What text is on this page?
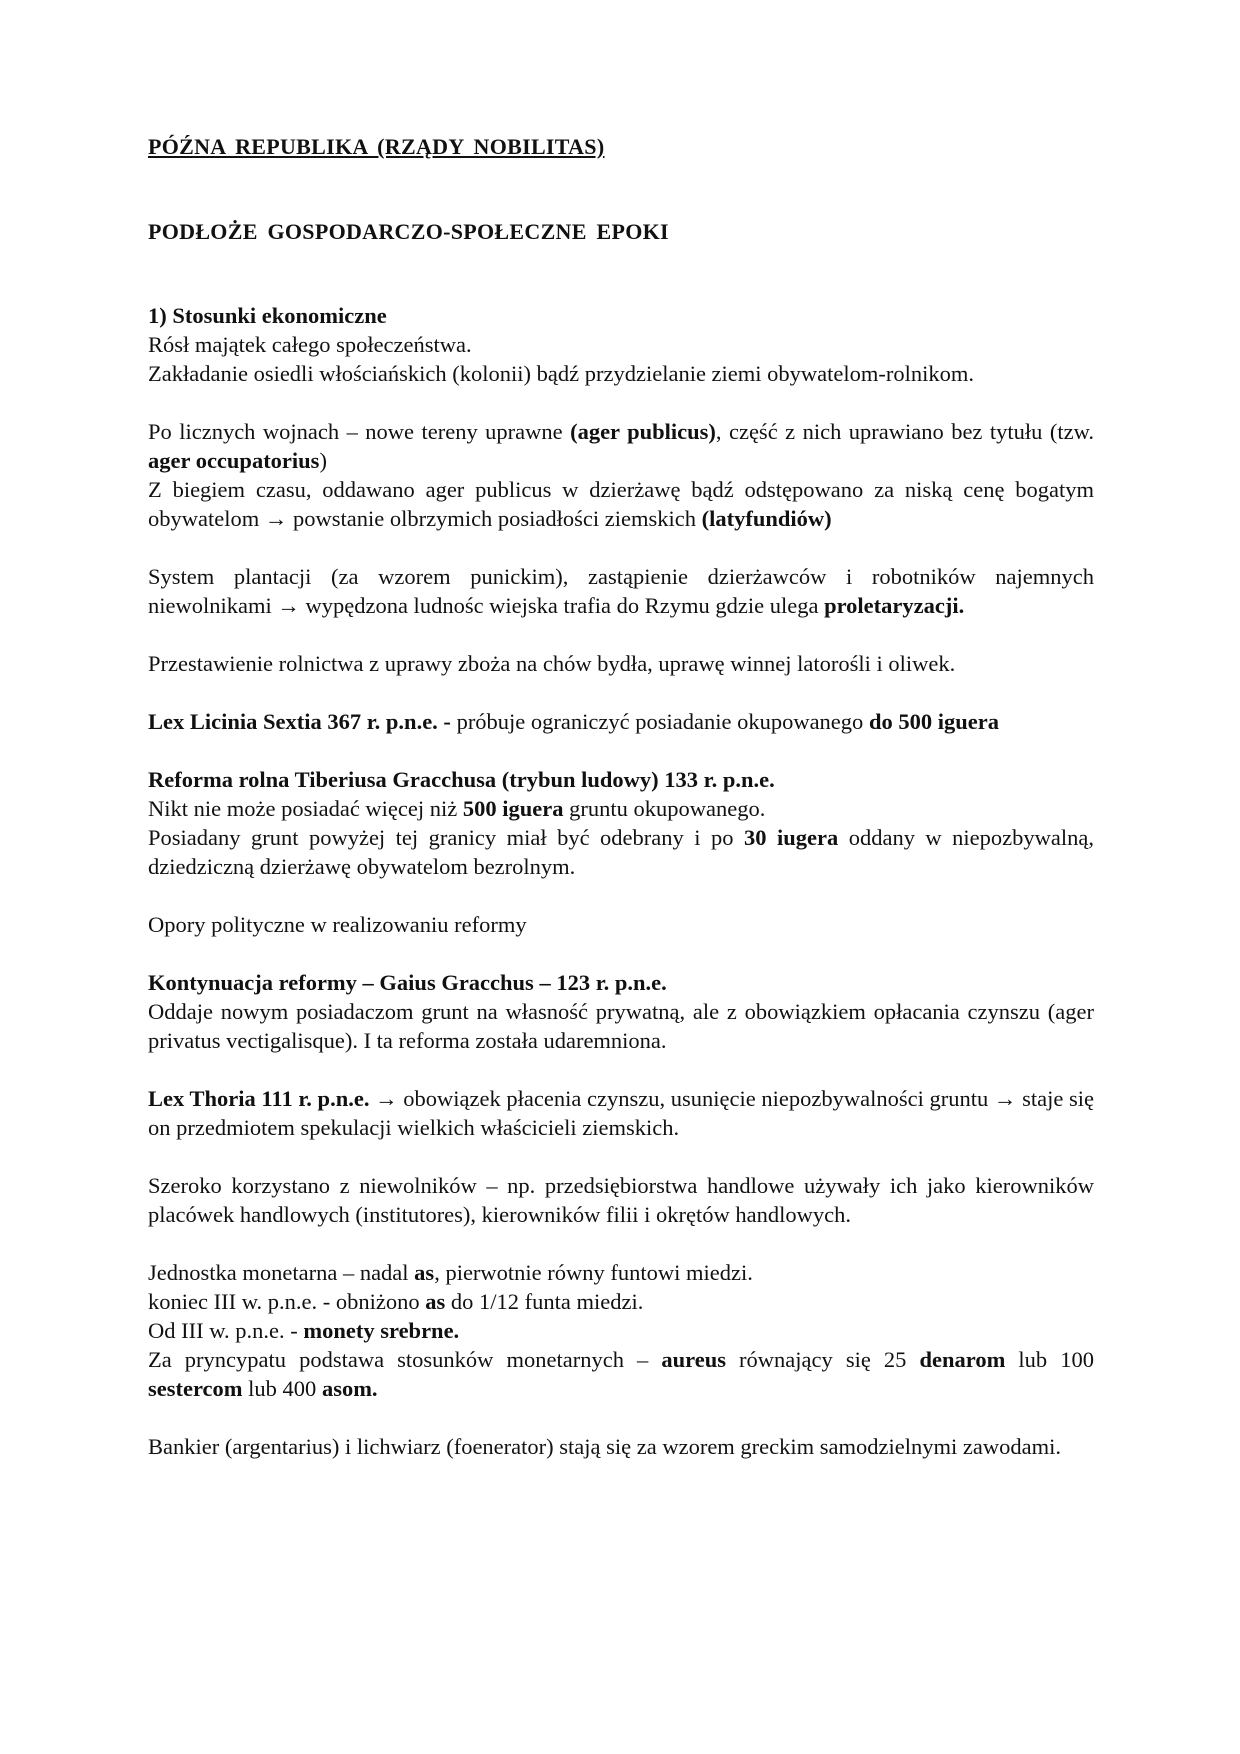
PÓŹNA REPUBLIKA (RZĄDY NOBILITAS)
PODŁOŻE GOSPODARCZO-SPOŁECZNE EPOKI
1) Stosunki ekonomiczne

Rósł majątek całego społeczeństwa.

Zakładanie osiedli włościańskich (kolonii) bądź przydzielanie ziemi obywatelom-rolnikom.

Po licznych wojnach – nowe tereny uprawne (ager publicus), część z nich uprawiano bez tytułu (tzw. ager occupatorius)

Z biegiem czasu, oddawano ager publicus w dzierżawę bądź odstępowano za niską cenę bogatym obywatelom → powstanie olbrzymich posiadłości ziemskich (latyfundiów)

System plantacji (za wzorem punickim), zastąpienie dzierżawców i robotników najemnych niewolnikami → wypędzona ludnośc wiejska trafia do Rzymu gdzie ulega proletaryzacji.

Przestawienie rolnictwa z uprawy zboża na chów bydła, uprawę winnej latorośli i oliwek.

Lex Licinia Sextia 367 r. p.n.e. - próbuje ograniczyć posiadanie okupowanego do 500 iguera

Reforma rolna Tiberiusa Gracchusa (trybun ludowy) 133 r. p.n.e.

Nikt nie może posiadać więcej niż 500 iguera gruntu okupowanego.

Posiadany grunt powyżej tej granicy miał być odebrany i po 30 iugera oddany w niepozbywalną, dziedziczną dzierżawę obywatelom bezrolnym.

Opory polityczne w realizowaniu reformy

Kontynuacja reformy – Gaius Gracchus – 123 r. p.n.e.

Oddaje nowym posiadaczom grunt na własność prywatną, ale z obowiązkiem opłacania czynszu (ager privatus vectigalisque). I ta reforma została udaremniona.

Lex Thoria 111 r. p.n.e. → obowiązek płacenia czynszu, usunięcie niepozbywalności gruntu → staje się on przedmiotem spekulacji wielkich właścicieli ziemskich.

Szeroko korzystano z niewolników – np. przedsiębiorstwa handlowe używały ich jako kierowników placówek handlowych (institutores), kierowników filii i okrętów handlowych.

Jednostka monetarna – nadal as, pierwotnie równy funtowi miedzi.

koniec III w. p.n.e. - obniżono as do 1/12 funta miedzi.

Od III w. p.n.e. - monety srebrne.

Za pryncypatu podstawa stosunków monetarnych – aureus równający się 25 denarom lub 100 sestercom lub 400 asom.

Bankier (argentarius) i lichwiarz (foenerator) stają się za wzorem greckim samodzielnymi zawodami.
